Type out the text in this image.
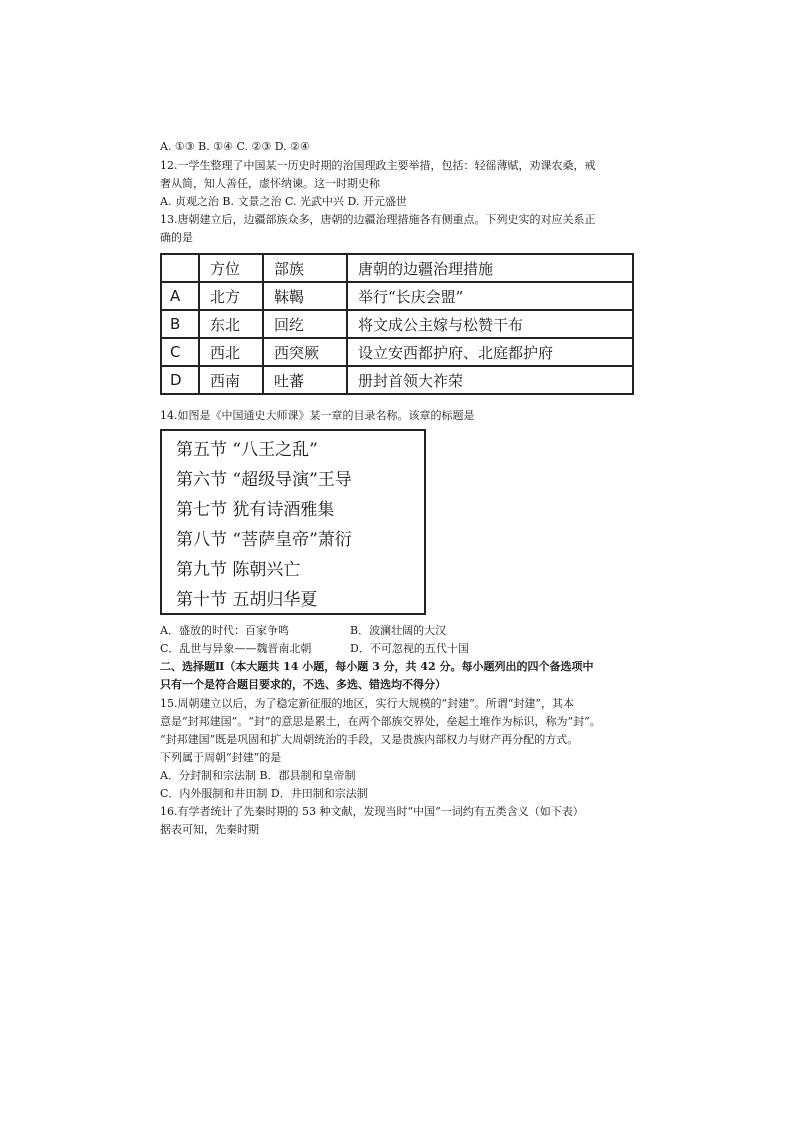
A. ①③ B. ①④ C. ②③ D. ②④
12.一学生整理了中国某一历史时期的治国理政主要举措，包括：轻徭薄赋，劝课农桑，戒
奢从简，知人善任，虚怀纳谏。这一时期史称
A. 贞观之治 B. 文景之治 C. 光武中兴 D. 开元盛世
13.唐朝建立后，边疆部族众多，唐朝的边疆治理措施各有侧重点。下列史实的对应关系正
确的是
	方位	部族	唐朝的边疆治理措施
A	北方	靺鞨	举行“长庆会盟”
B	东北	回纥	将文成公主嫁与松赞干布
C	西北	西突厥	设立安西都护府、北庭都护府
D	西南	吐蕃	册封首领大祚荣
14.如图是《中国通史大师课》某一章的目录名称。该章的标题是
第五节 “八王之乱”
第六节 “超级导演”王导
第七节 犹有诗酒雅集
第八节 “菩萨皇帝”萧衍
第九节 陈朝兴亡
第十节 五胡归华夏
A．盛放的时代：百家争鸣	B．波澜壮阔的大汉
C．乱世与异象——魏晋南北朝	D．不可忽视的五代十国
二、选择题Ⅱ（本大题共 14 小题，每小题 3 分，共 42 分。每小题列出的四个备选项中
只有一个是符合题目要求的，不选、多选、错选均不得分）
15.周朝建立以后，为了稳定新征服的地区，实行大规模的“封建”。所谓“封建”，其本
意是“封邦建国”。“封”的意思是累土，在两个部族交界处，垒起土堆作为标识，称为“封”。
“封邦建国”既是巩固和扩大周朝统治的手段，又是贵族内部权力与财产再分配的方式。
下列属于周朝“封建”的是
A．分封制和宗法制 B．郡县制和皇帝制
C．内外服制和井田制 D．井田制和宗法制
16.有学者统计了先秦时期的 53 种文献，发现当时“中国”一词约有五类含义（如下表）
据表可知，先秦时期
